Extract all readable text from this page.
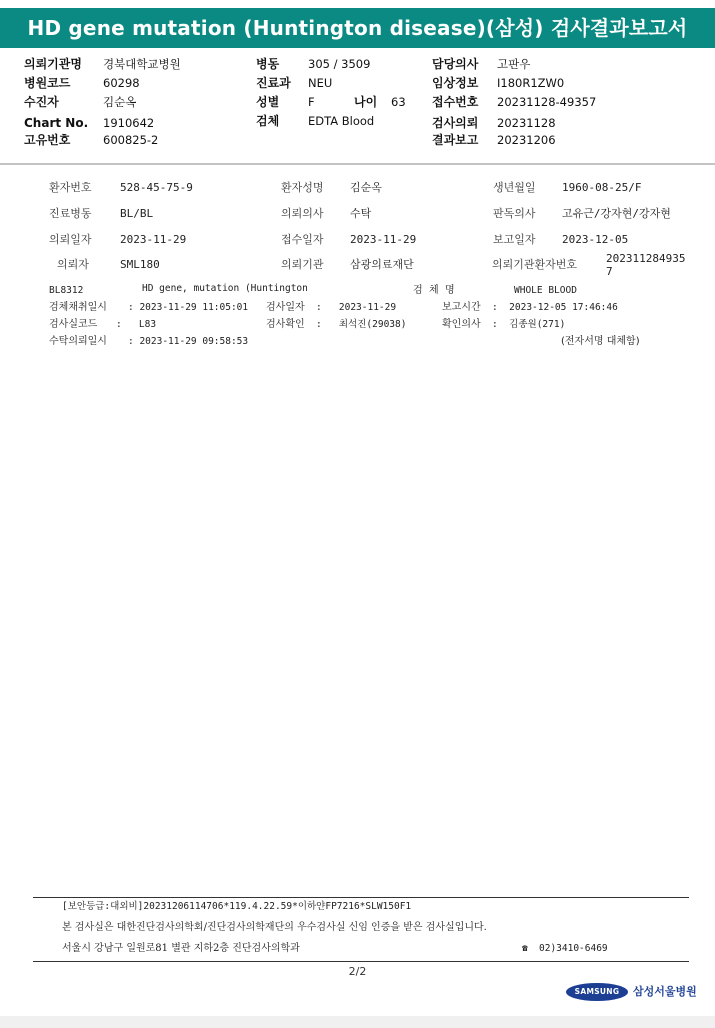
HD gene mutation (Huntington disease)(삼성) 검사결과보고서
의뢰기관명 경북대학교병원
병원코드	60298
수진자	김순옥
Chart No. 1910642
고유번호	600825-2
병동	305 / 3509
진료과 NEU
성별	F	나이 63
검체	EDTA Blood
담당의사 고판우
임상정보 I180R1ZW0
접수번호 20231128-49357
검사의뢰 20231128
결과보고 20231206
환자번호	528-45-75-9	환자성명 김순옥	생년월일 1960-08-25/F
진료병동	BL/BL	의뢰의사 수탁	판독의사 고유근/강자현/강자현
의뢰일자	2023-11-29	접수일자 2023-11-29	보고일자 2023-12-05
의뢰자	SML180	의뢰기관 삼광의료재단	의뢰기관환자번호	202311284935
7
BL8312	HD gene, mutation (Huntington	검  체  명	WHOLE BLOOD
검체채취일시 : 2023-11-29 11:05:01 검사일자 :   2023-11-29	보고시간 :  2023-12-05 17:46:46
검사실코드 :   L83	검사확인 :   최석진(29038)	확인의사 :  김종원(271)
수탁의뢰일시 : 2023-11-29 09:58:53	(전자서명 대체함)
[보안등급:대외비]20231206114706*119.4.22.59*이하얀FP7216*SLW150F1
본 검사실은 대한진단검사의학회/진단검사의학재단의 우수검사실 신임 인증을 받은 검사실입니다.
서울시 강남구 일원로81 별관 지하2층 진단검사의학과	☎ 02)3410-6469
2/2
SAMSUNG	삼성서울병원
